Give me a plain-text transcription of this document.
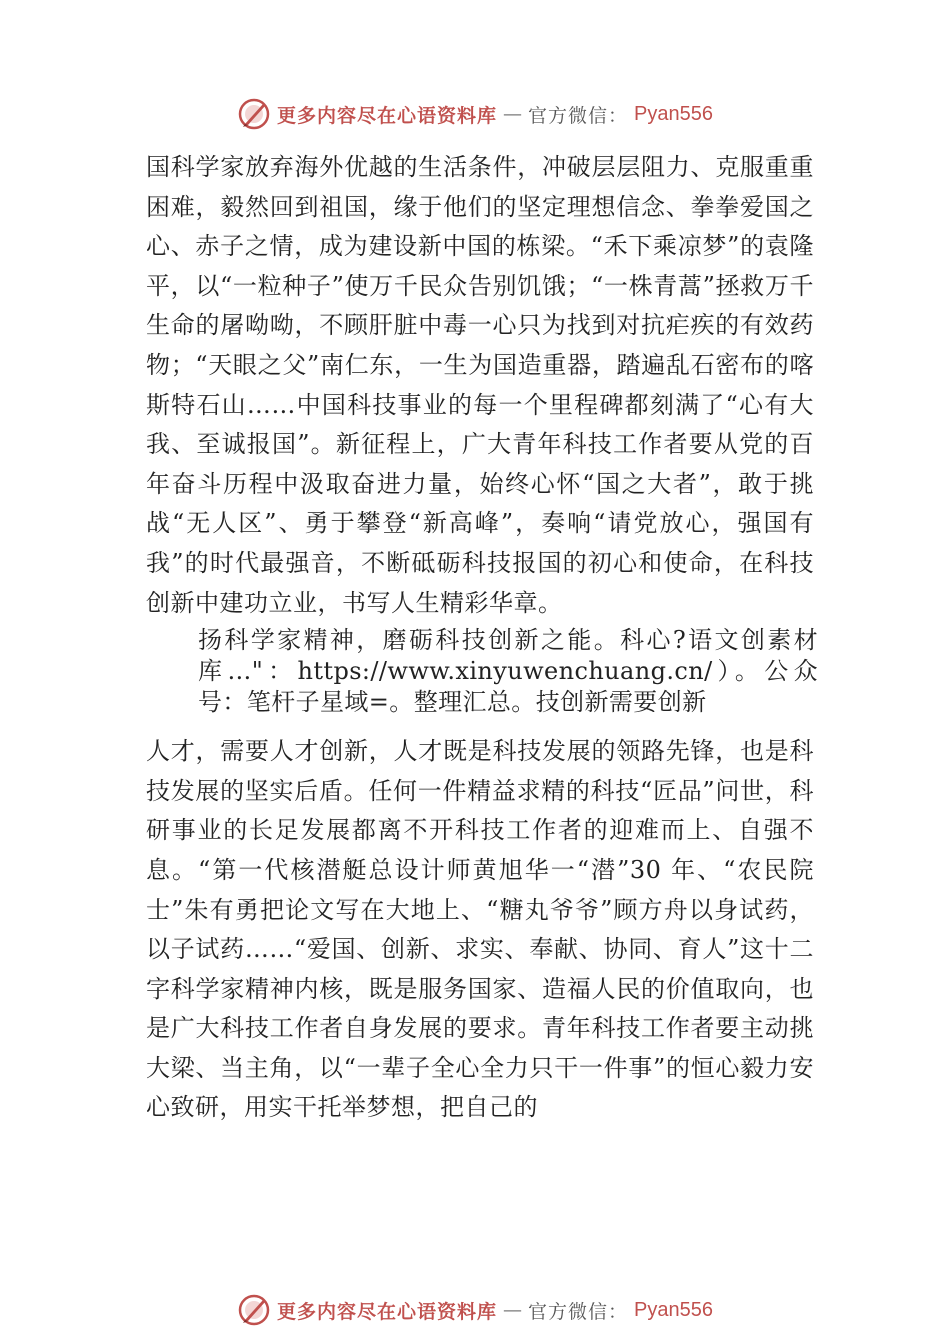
更多内容尽在心语资料库 — 官方微信： Pyan556

国科学家放弃海外优越的生活条件，冲破层层阻力、克服重重困难，毅然回到祖国，缘于他们的坚定理想信念、拳拳爱国之心、赤子之情，成为建设新中国的栋梁。“禾下乘凉梦”的袁隆平，以“一粒种子”使万千民众告别饥饿；“一株青蒿”拯救万千生命的屠呦呦，不顾肝脏中毒一心只为找到对抗疟疾的有效药物；“天眼之父”南仁东，一生为国造重器，踏遍乱石密布的喀斯特石山……中国科技事业的每一个里程碑都刻满了“心有大我、至诚报国”。新征程上，广大青年科技工作者要从党的百年奋斗历程中汲取奋进力量，始终心怀“国之大者”，敢于挑战“无人区”、勇于攀登“新高峰”，奏响“请党放心，强国有我”的时代最强音，不断砥砺科技报国的初心和使命，在科技创新中建功立业，书写人生精彩华章。

扬科学家精神，磨砺科技创新之能。科心?语文创素材库…"：https://www.xinyuwenchuang.cn/）。公众号：笔杆子星域=。整理汇总。技创新需要创新

人才，需要人才创新，人才既是科技发展的领路先锋，也是科技发展的坚实后盾。任何一件精益求精的科技“匠品”问世，科研事业的长足发展都离不开科技工作者的迎难而上、自强不息。“第一代核潜艇总设计师黄旭华一“潜”30 年、“农民院士”朱有勇把论文写在大地上、“糖丸爷爷”顾方舟以身试药，以子试药……“爱国、创新、求实、奉献、协同、育人”这十二字科学家精神内核，既是服务国家、造福人民的价值取向，也是广大科技工作者自身发展的要求。青年科技工作者要主动挑大梁、当主角，以“一辈子全心全力只干一件事”的恒心毅力安心致研，用实干托举梦想，把自己的

更多内容尽在心语资料库 — 官方微信： Pyan556
